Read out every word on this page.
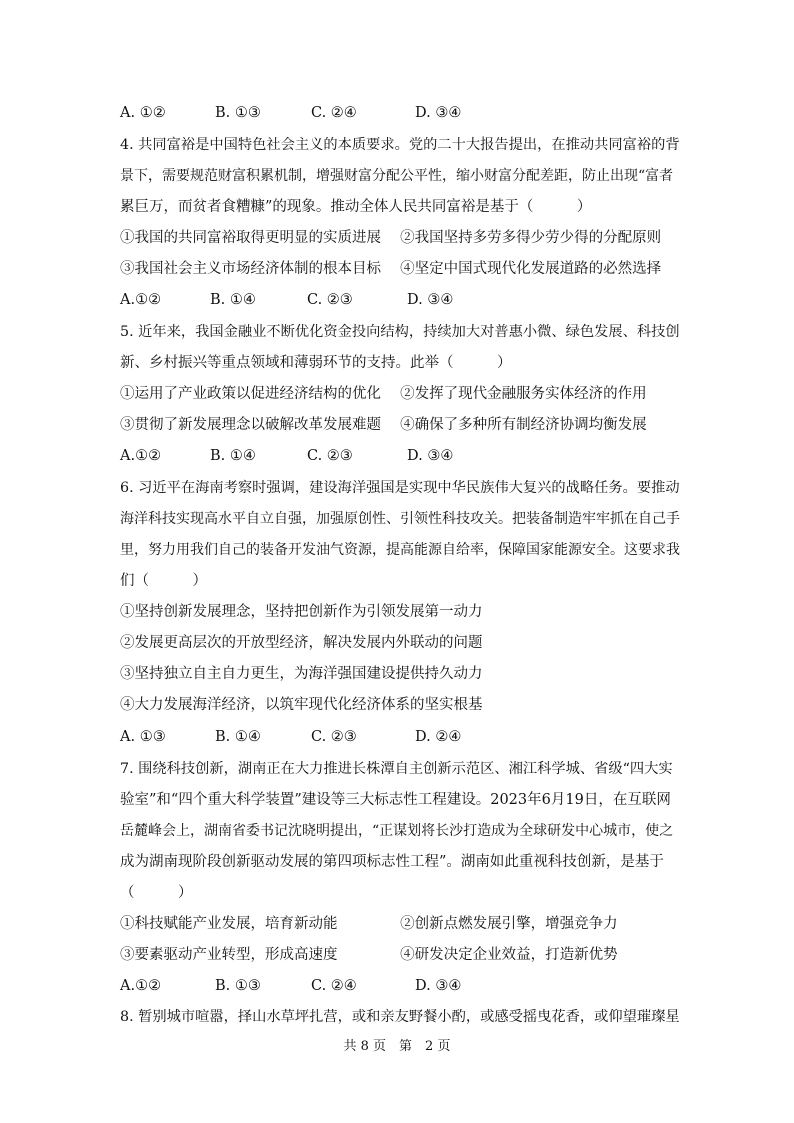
A. ①②	B. ①③	C. ②④	D. ③④
4. 共同富裕是中国特色社会主义的本质要求。党的二十大报告提出，在推动共同富裕的背
景下，需要规范财富积累机制，增强财富分配公平性，缩小财富分配差距，防止出现“富者
累巨万，而贫者食糟糠”的现象。推动全体人民共同富裕是基于（　　　）
①我国的共同富裕取得更明显的实质进展　 ②我国坚持多劳多得少劳少得的分配原则
③我国社会主义市场经济体制的根本目标　 ④坚定中国式现代化发展道路的必然选择
A.①②	B. ①④	C. ②③	D. ③④
5. 近年来，我国金融业不断优化资金投向结构，持续加大对普惠小微、绿色发展、科技创
新、乡村振兴等重点领域和薄弱环节的支持。此举（　　　）
①运用了产业政策以促进经济结构的优化　 ②发挥了现代金融服务实体经济的作用
③贯彻了新发展理念以破解改革发展难题　 ④确保了多种所有制经济协调均衡发展
A.①②	B. ①④	C. ②③	D. ③④
6. 习近平在海南考察时强调，建设海洋强国是实现中华民族伟大复兴的战略任务。要推动
海洋科技实现高水平自立自强，加强原创性、引领性科技攻关。把装备制造牢牢抓在自己手
里，努力用我们自己的装备开发油气资源，提高能源自给率，保障国家能源安全。这要求我
们（　　　）
①坚持创新发展理念，坚持把创新作为引领发展第一动力
②发展更高层次的开放型经济，解决发展内外联动的问题
③坚持独立自主自力更生，为海洋强国建设提供持久动力
④大力发展海洋经济，以筑牢现代化经济体系的坚实根基
A. ①③	B. ①④	C. ②③	D. ②④
7. 围绕科技创新，湖南正在大力推进长株潭自主创新示范区、湘江科学城、省级“四大实
验室”和“四个重大科学装置”建设等三大标志性工程建设。2023年6月19日，在互联网
岳麓峰会上，湖南省委书记沈晓明提出，“正谋划将长沙打造成为全球研发中心城市，使之
成为湖南现阶段创新驱动发展的第四项标志性工程”。湖南如此重视科技创新，是基于
（　　　）
①科技赋能产业发展，培育新动能　　　　 ②创新点燃发展引擎，增强竞争力
③要素驱动产业转型，形成高速度　　　　 ④研发决定企业效益，打造新优势
A.①②	B. ①③	C. ②④	D. ③④
8. 暂别城市喧嚣，择山水草坪扎营，或和亲友野餐小酌，或感受摇曳花香，或仰望璀璨星
共 8 页　第　2 页
